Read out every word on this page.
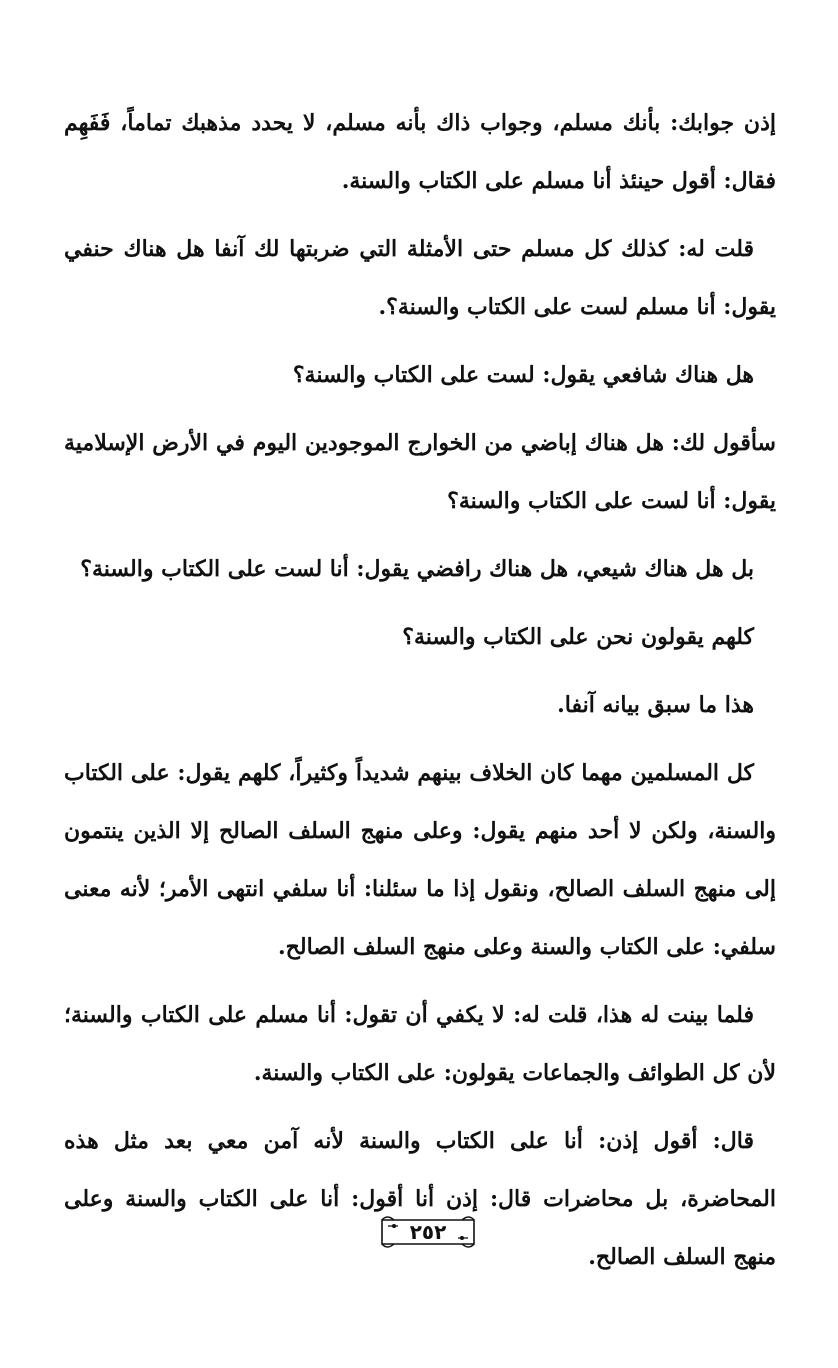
إذن جوابك: بأنك مسلم، وجواب ذاك بأنه مسلم، لا يحدد مذهبك تماماً، فَفَهِم فقال: أقول حينئذ أنا مسلم على الكتاب والسنة.

قلت له: كذلك كل مسلم حتى الأمثلة التي ضربتها لك آنفا هل هناك حنفي يقول: أنا مسلم لست على الكتاب والسنة؟.

هل هناك شافعي يقول: لست على الكتاب والسنة؟

سأقول لك: هل هناك إباضي من الخوارج الموجودين اليوم في الأرض الإسلامية يقول: أنا لست على الكتاب والسنة؟

بل هل هناك شيعي، هل هناك رافضي يقول: أنا لست على الكتاب والسنة؟

كلهم يقولون نحن على الكتاب والسنة؟

هذا ما سبق بيانه آنفا.

كل المسلمين مهما كان الخلاف بينهم شديداً وكثيراً، كلهم يقول: على الكتاب والسنة، ولكن لا أحد منهم يقول: وعلى منهج السلف الصالح إلا الذين ينتمون إلى منهج السلف الصالح، ونقول إذا ما سئلنا: أنا سلفي انتهى الأمر؛ لأنه معنى سلفي: على الكتاب والسنة وعلى منهج السلف الصالح.

فلما بينت له هذا، قلت له: لا يكفي أن تقول: أنا مسلم على الكتاب والسنة؛ لأن كل الطوائف والجماعات يقولون: على الكتاب والسنة.

قال: أقول إذن: أنا على الكتاب والسنة لأنه آمن معي بعد مثل هذه المحاضرة، بل محاضرات قال: إذن أنا أقول: أنا على الكتاب والسنة وعلى منهج السلف الصالح.

٢٥٢
